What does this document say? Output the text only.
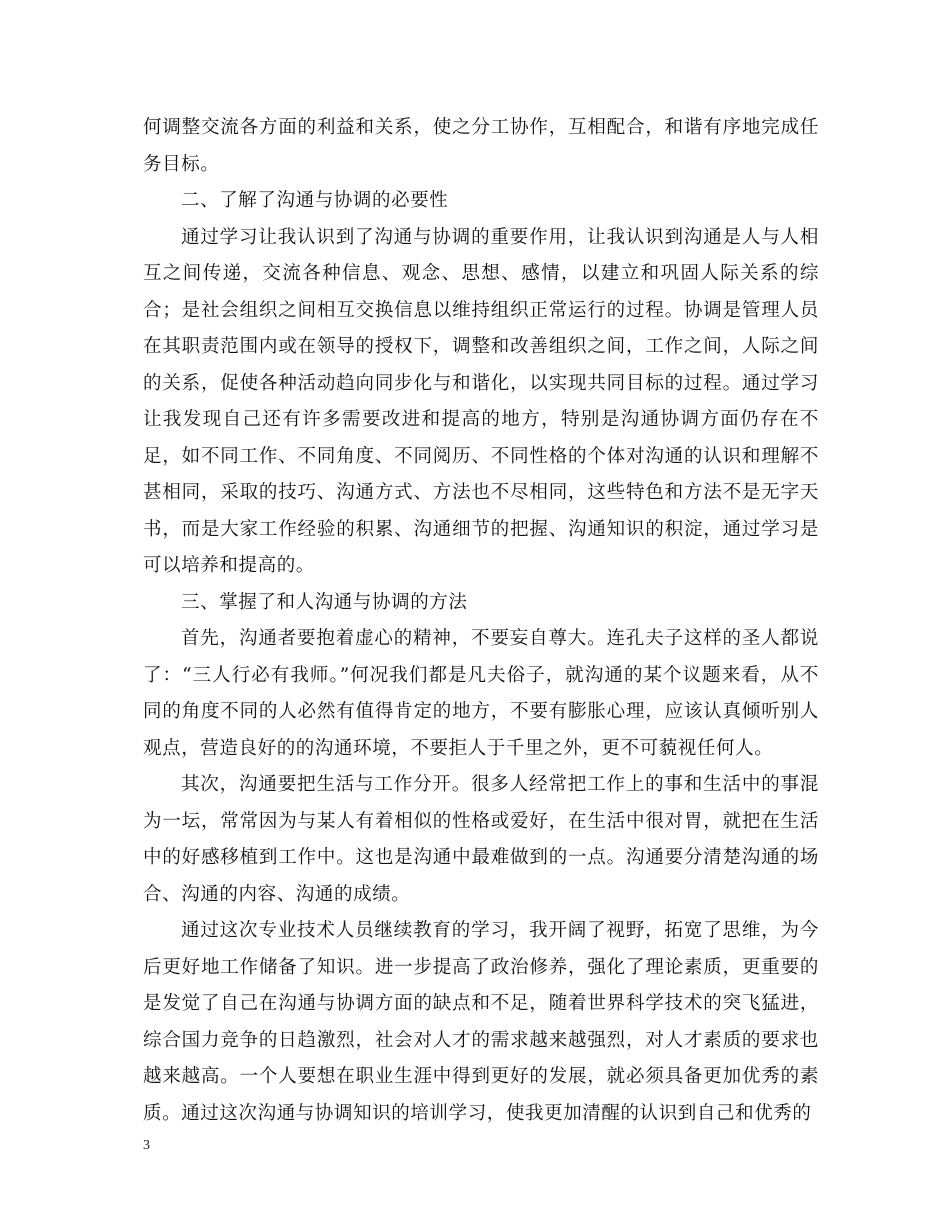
何调整交流各方面的利益和关系，使之分工协作，互相配合，和谐有序地完成任务目标。

二、了解了沟通与协调的必要性

通过学习让我认识到了沟通与协调的重要作用，让我认识到沟通是人与人相互之间传递，交流各种信息、观念、思想、感情，以建立和巩固人际关系的综合；是社会组织之间相互交换信息以维持组织正常运行的过程。协调是管理人员在其职责范围内或在领导的授权下，调整和改善组织之间，工作之间，人际之间的关系，促使各种活动趋向同步化与和谐化，以实现共同目标的过程。通过学习让我发现自己还有许多需要改进和提高的地方，特别是沟通协调方面仍存在不足，如不同工作、不同角度、不同阅历、不同性格的个体对沟通的认识和理解不甚相同，采取的技巧、沟通方式、方法也不尽相同，这些特色和方法不是无字天书，而是大家工作经验的积累、沟通细节的把握、沟通知识的积淀，通过学习是可以培养和提高的。

三、掌握了和人沟通与协调的方法

首先，沟通者要抱着虚心的精神，不要妄自尊大。连孔夫子这样的圣人都说了：“三人行必有我师。”何况我们都是凡夫俗子，就沟通的某个议题来看，从不同的角度不同的人必然有值得肯定的地方，不要有膨胀心理，应该认真倾听别人观点，营造良好的的沟通环境，不要拒人于千里之外，更不可藐视任何人。

其次，沟通要把生活与工作分开。很多人经常把工作上的事和生活中的事混为一坛，常常因为与某人有着相似的性格或爱好，在生活中很对胃，就把在生活中的好感移植到工作中。这也是沟通中最难做到的一点。沟通要分清楚沟通的场合、沟通的内容、沟通的成绩。

通过这次专业技术人员继续教育的学习，我开阔了视野，拓宽了思维，为今后更好地工作储备了知识。进一步提高了政治修养，强化了理论素质，更重要的是发觉了自己在沟通与协调方面的缺点和不足，随着世界科学技术的突飞猛进，综合国力竞争的日趋激烈，社会对人才的需求越来越强烈，对人才素质的要求也越来越高。一个人要想在职业生涯中得到更好的发展，就必须具备更加优秀的素质。通过这次沟通与协调知识的培训学习，使我更加清醒的认识到自己和优秀的

3
